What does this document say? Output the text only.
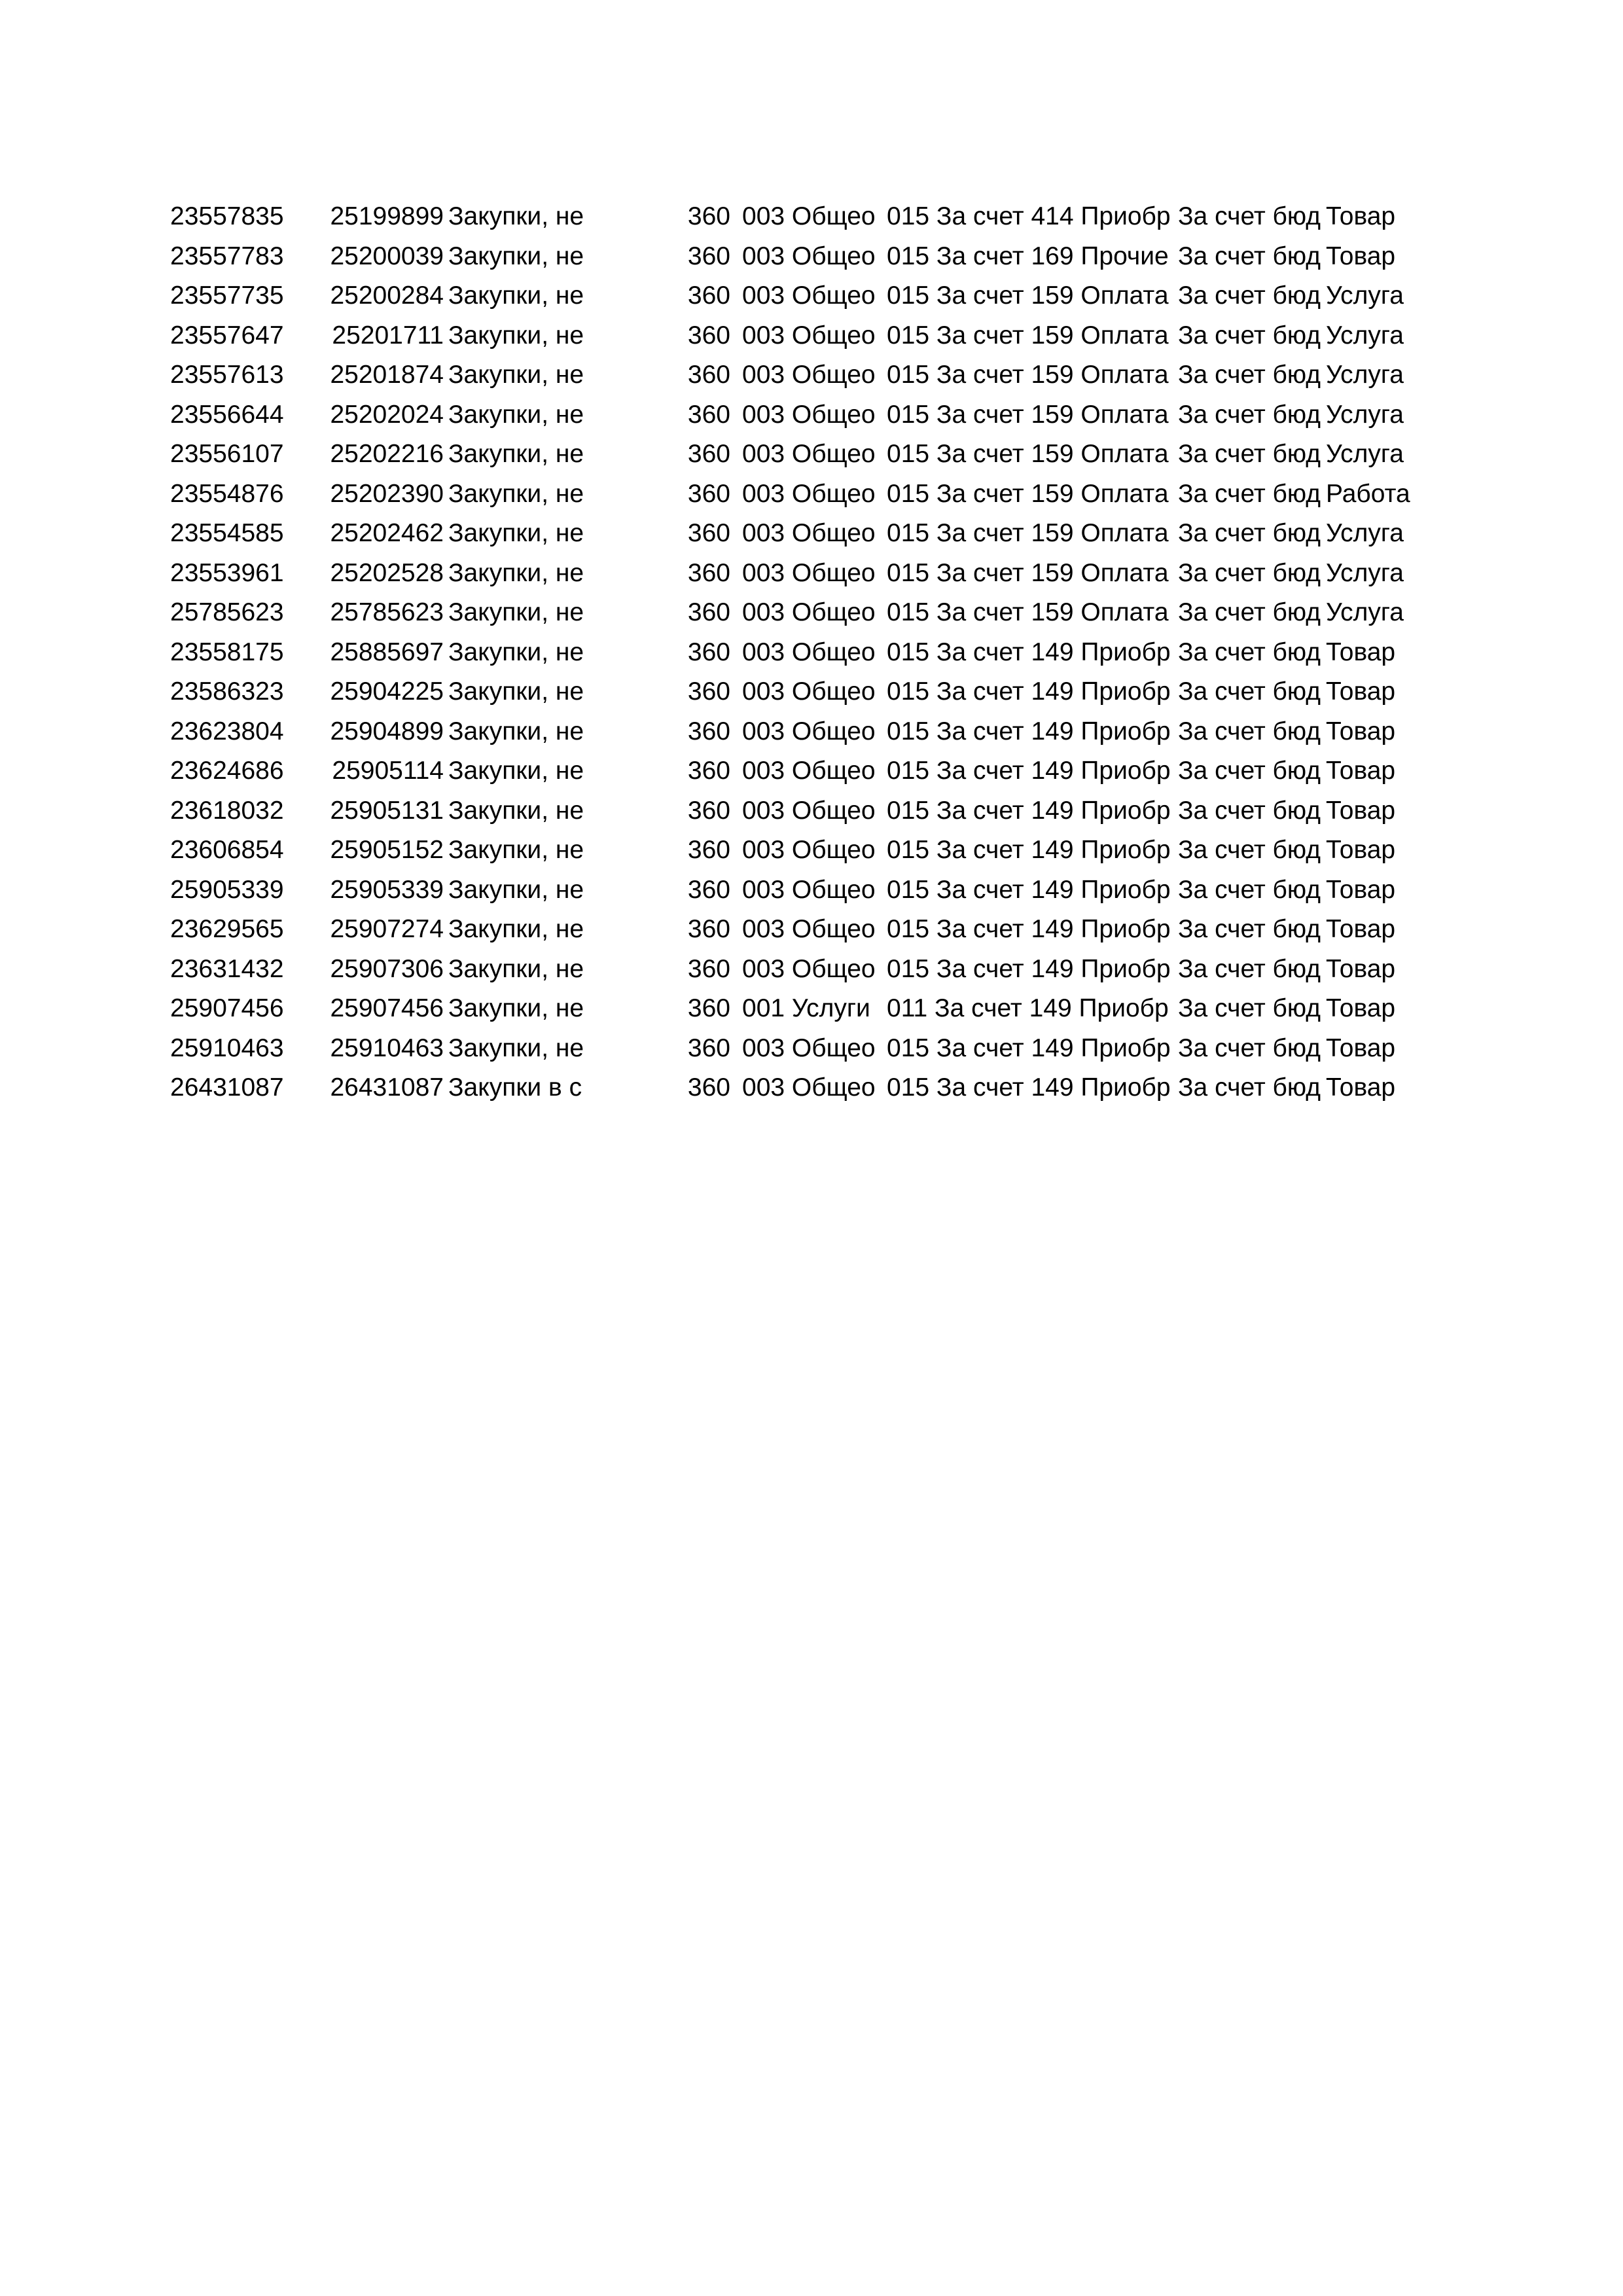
23557835	25199899 Закупки, не	360 003 Общео 015 За счет 414 Приобр За счет бюд Товар
23557783	25200039 Закупки, не	360 003 Общео 015 За счет 169 Прочие За счет бюд Товар
23557735	25200284 Закупки, не	360 003 Общео 015 За счет 159 Оплата За счет бюд Услуга
23557647	25201711 Закупки, не	360 003 Общео 015 За счет 159 Оплата За счет бюд Услуга
23557613	25201874 Закупки, не	360 003 Общео 015 За счет 159 Оплата За счет бюд Услуга
23556644	25202024 Закупки, не	360 003 Общео 015 За счет 159 Оплата За счет бюд Услуга
23556107	25202216 Закупки, не	360 003 Общео 015 За счет 159 Оплата За счет бюд Услуга
23554876	25202390 Закупки, не	360 003 Общео 015 За счет 159 Оплата За счет бюд Работа
23554585	25202462 Закупки, не	360 003 Общео 015 За счет 159 Оплата За счет бюд Услуга
23553961	25202528 Закупки, не	360 003 Общео 015 За счет 159 Оплата За счет бюд Услуга
25785623	25785623 Закупки, не	360 003 Общео 015 За счет 159 Оплата За счет бюд Услуга
23558175	25885697 Закупки, не	360 003 Общео 015 За счет 149 Приобр За счет бюд Товар
23586323	25904225 Закупки, не	360 003 Общео 015 За счет 149 Приобр За счет бюд Товар
23623804	25904899 Закупки, не	360 003 Общео 015 За счет 149 Приобр За счет бюд Товар
23624686	25905114 Закупки, не	360 003 Общео 015 За счет 149 Приобр За счет бюд Товар
23618032	25905131 Закупки, не	360 003 Общео 015 За счет 149 Приобр За счет бюд Товар
23606854	25905152 Закупки, не	360 003 Общео 015 За счет 149 Приобр За счет бюд Товар
25905339	25905339 Закупки, не	360 003 Общео 015 За счет 149 Приобр За счет бюд Товар
23629565	25907274 Закупки, не	360 003 Общео 015 За счет 149 Приобр За счет бюд Товар
23631432	25907306 Закупки, не	360 003 Общео 015 За счет 149 Приобр За счет бюд Товар
25907456	25907456 Закупки, не	360 001 Услуги 011 За счет 149 Приобр За счет бюд Товар
25910463	25910463 Закупки, не	360 003 Общео 015 За счет 149 Приобр За счет бюд Товар
26431087	26431087 Закупки в с	360 003 Общео 015 За счет 149 Приобр За счет бюд Товар
